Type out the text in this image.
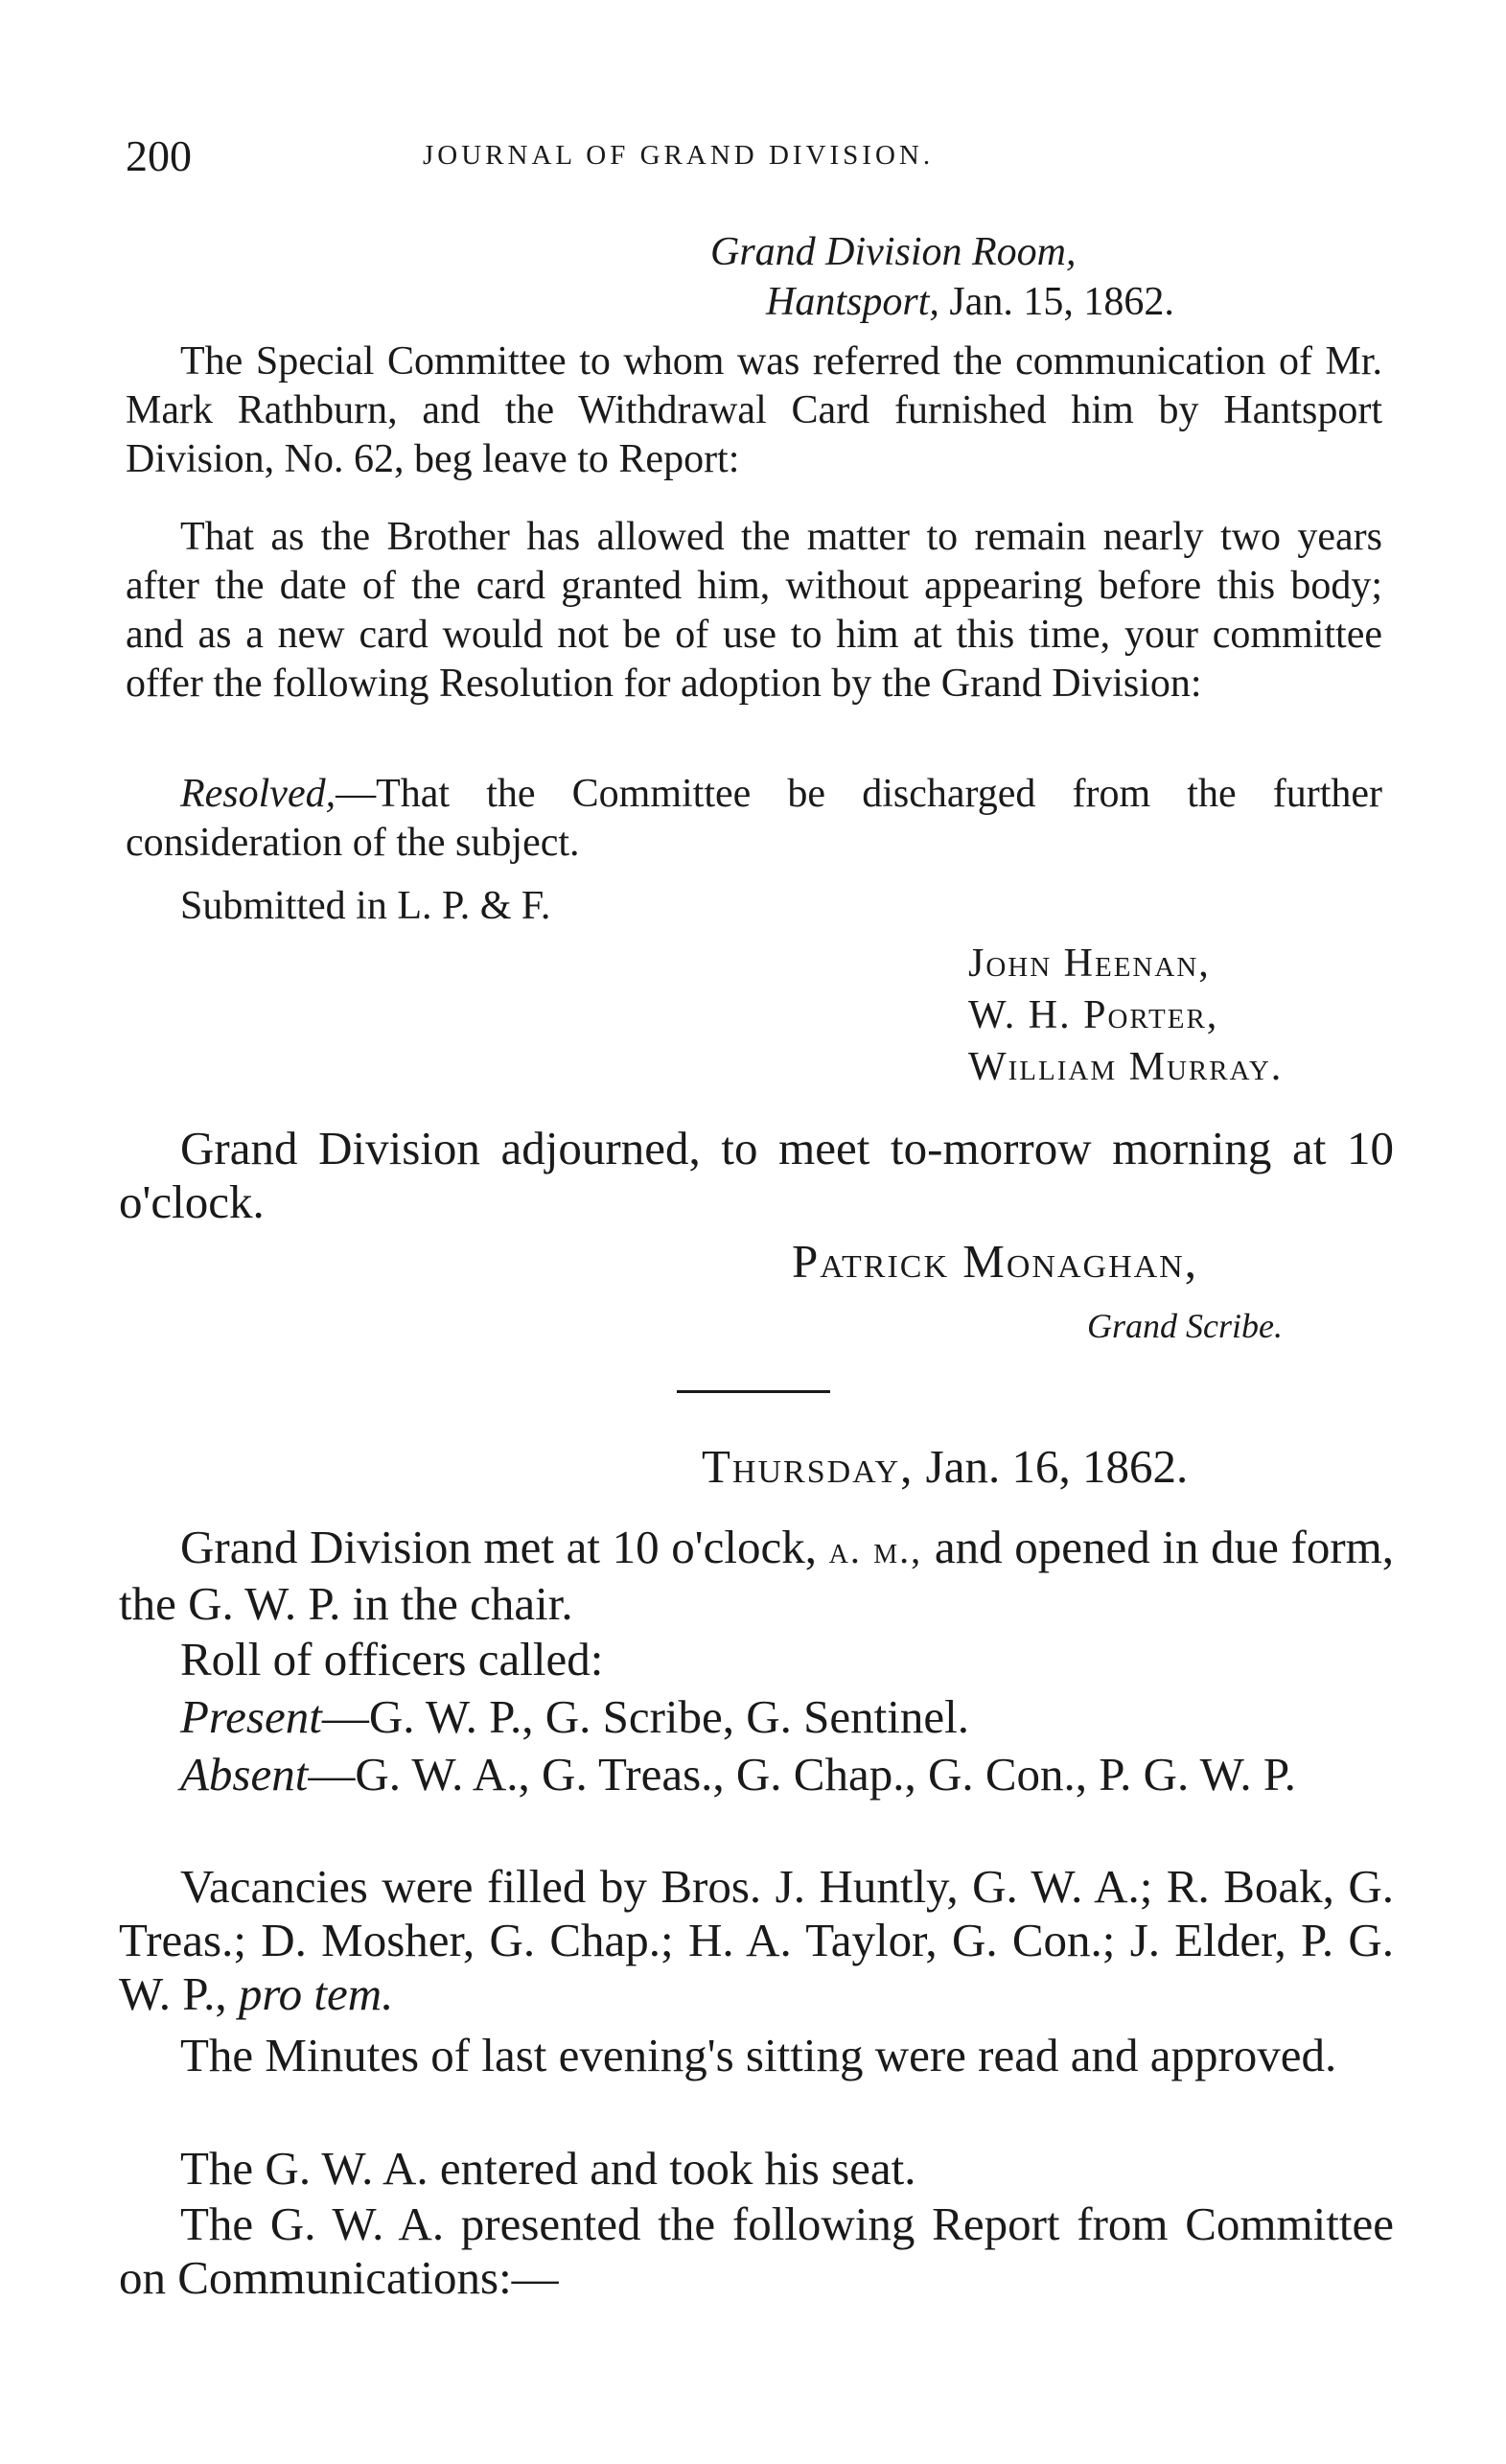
200	JOURNAL OF GRAND DIVISION.
Grand Division Room,
Hantsport, Jan. 15, 1862.

The Special Committee to whom was referred the communication of Mr. Mark Rathburn, and the Withdrawal Card furnished him by Hantsport Division, No. 62, beg leave to Report:

That as the Brother has allowed the matter to remain nearly two years after the date of the card granted him, without appearing before this body; and as a new card would not be of use to him at this time, your committee offer the following Resolution for adoption by the Grand Division:

Resolved,—That the Committee be discharged from the further consideration of the subject.

Submitted in L. P. & F.
John Heenan,
W. H. Porter,
William Murray.

Grand Division adjourned, to meet to-morrow morning at 10 o'clock.

Patrick Monaghan,
Grand Scribe.
Thursday, Jan. 16, 1862.

Grand Division met at 10 o'clock, a. m., and opened in due form, the G. W. P. in the chair.

Roll of officers called:
Present—G. W. P., G. Scribe, G. Sentinel.

Absent—G. W. A., G. Treas., G. Chap., G. Con., P. G. W. P.

Vacancies were filled by Bros. J. Huntly, G. W. A.; R. Boak, G. Treas.; D. Mosher, G. Chap.; H. A. Taylor, G. Con.; J. Elder, P. G. W. P., pro tem.

The Minutes of last evening's sitting were read and approved.

The G. W. A. entered and took his seat.

The G. W. A. presented the following Report from Committee on Communications:—
